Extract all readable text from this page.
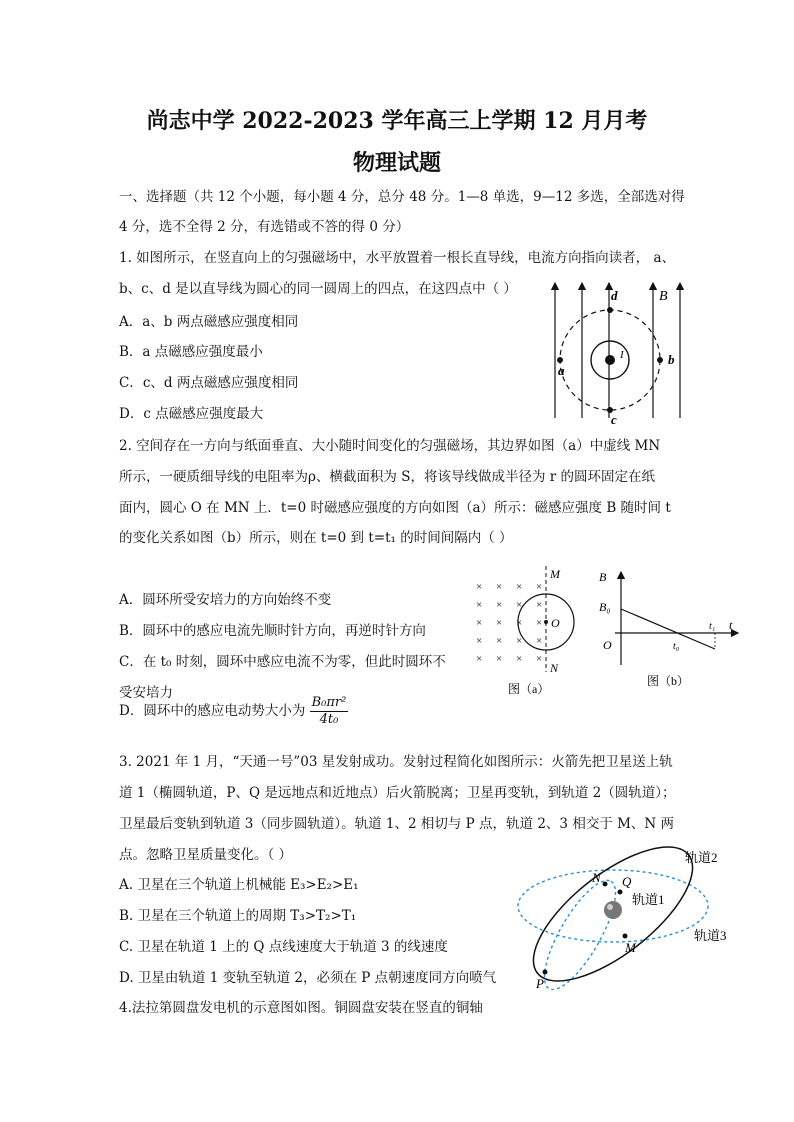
尚志中学 2022-2023 学年高三上学期 12 月月考
物理试题
一、选择题（共 12 个小题，每小题 4 分，总分 48 分。1—8 单选，9—12 多选，全部选对得
4 分，选不全得 2 分，有选错或不答的得 0 分）
1. 如图所示，在竖直向上的匀强磁场中，水平放置着一根长直导线，电流方向指向读者， a、
b、c、d 是以直导线为圆心的同一圆周上的四点，在这四点中（ ）
A．a、b 两点磁感应强度相同
B．a 点磁感应强度最小
C．c、d 两点磁感应强度相同
D．c 点磁感应强度最大
d	B
a
b
c
I
2. 空间存在一方向与纸面垂直、大小随时间变化的匀强磁场，其边界如图（a）中虚线 MN
所示，一硬质细导线的电阻率为ρ、横截面积为 S，将该导线做成半径为 r 的圆环固定在纸
面内，圆心 O 在 MN 上．t=0 时磁感应强度的方向如图（a）所示：磁感应强度 B 随时间 t
的变化关系如图（b）所示，则在 t=0 到 t=t₁ 的时间间隔内（ ）
A．圆环所受安培力的方向始终不变
B．圆环中的感应电流先顺时针方向，再逆时针方向
C．在 t₀ 时刻，圆环中感应电流不为零，但此时圆环不
受安培力
D．圆环中的感应电动势大小为 $\frac{\text{B₀πr²}}{\text{4t₀}}$
× × × ×
× × × ×
× × × ×
× × × ×
× × × ×
M
N
O
图（a）
B
B₀
O
t
t₀
t₁
图（b）
3. 2021 年 1 月，“天通一号”03 星发射成功。发射过程简化如图所示：火箭先把卫星送上轨
道 1（椭圆轨道，P、Q 是远地点和近地点）后火箭脱离；卫星再变轨，到轨道 2（圆轨道）；
卫星最后变轨到轨道 3（同步圆轨道）。轨道 1、2 相切与 P 点，轨道 2、3 相交于 M、N 两
点。忽略卫星质量变化。（ ）
A. 卫星在三个轨道上机械能 E₃>E₂>E₁
B. 卫星在三个轨道上的周期 T₃>T₂>T₁
C. 卫星在轨道 1 上的 Q 点线速度大于轨道 3 的线速度
D. 卫星由轨道 1 变轨至轨道 2，必须在 P 点朝速度同方向喷气
N Q
M
P
轨道2
轨道1
轨道3
4.法拉第圆盘发电机的示意图如图。铜圆盘安装在竖直的铜轴
